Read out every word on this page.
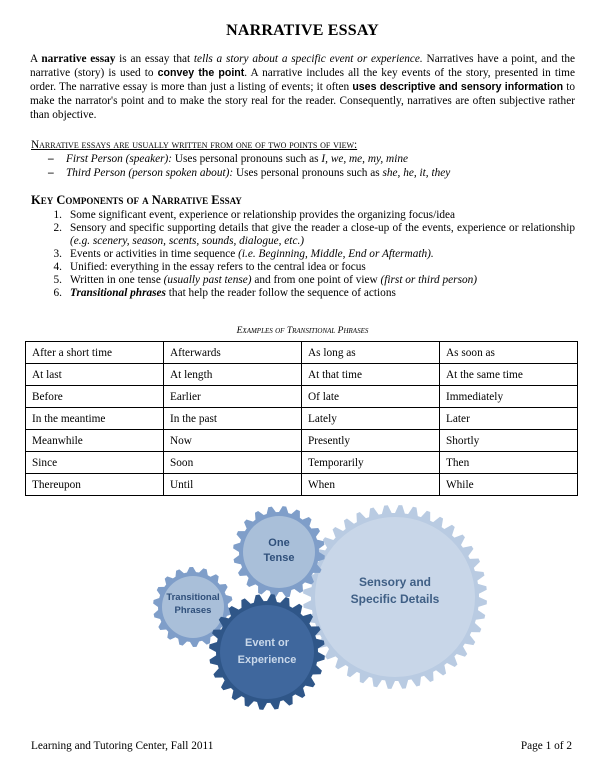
NARRATIVE ESSAY
A narrative essay is an essay that tells a story about a specific event or experience. Narratives have a point, and the narrative (story) is used to convey the point. A narrative includes all the key events of the story, presented in time order. The narrative essay is more than just a listing of events; it often uses descriptive and sensory information to make the narrator's point and to make the story real for the reader. Consequently, narratives are often subjective rather than objective.
Narrative essays are usually written from one of two points of view:
– First Person (speaker): Uses personal pronouns such as I, we, me, my, mine
– Third Person (person spoken about): Uses personal pronouns such as she, he, it, they
Key Components of a Narrative Essay
1. Some significant event, experience or relationship provides the organizing focus/idea
2. Sensory and specific supporting details that give the reader a close-up of the events, experience or relationship (e.g. scenery, season, scents, sounds, dialogue, etc.)
3. Events or activities in time sequence (i.e. Beginning, Middle, End or Aftermath).
4. Unified: everything in the essay refers to the central idea or focus
5. Written in one tense (usually past tense) and from one point of view (first or third person)
6. Transitional phrases that help the reader follow the sequence of actions
Examples of Transitional Phrases
After a short time	Afterwards	As long as	As soon as
At last	At length	At that time	At the same time
Before	Earlier	Of late	Immediately
In the meantime	In the past	Lately	Later
Meanwhile	Now	Presently	Shortly
Since	Soon	Temporarily	Then
Thereupon	Until	When	While
One Tense
Transitional Phrases
Event or Experience
Sensory and Specific Details
Learning and Tutoring Center, Fall 2011	Page 1 of 2
